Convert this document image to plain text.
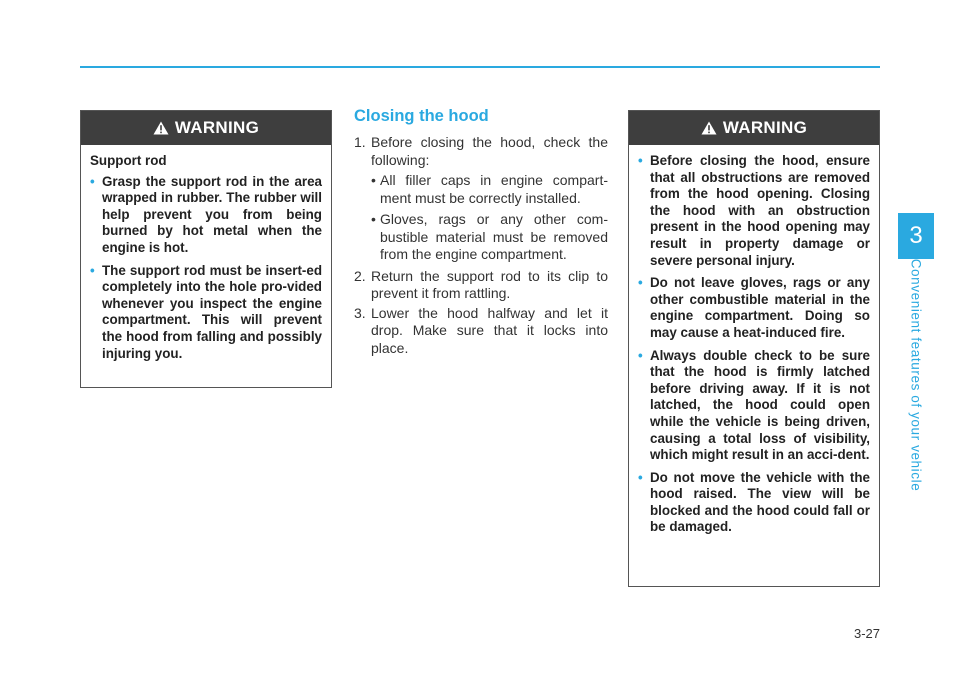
WARNING
Support rod
• Grasp the support rod in the area wrapped in rubber. The rubber will help prevent you from being burned by hot metal when the engine is hot.
• The support rod must be insert-ed completely into the hole pro-vided whenever you inspect the engine compartment. This will prevent the hood from falling and possibly injuring you.
Closing the hood
1. Before closing the hood, check the following:
• All filler caps in engine compart-ment must be correctly installed.
• Gloves, rags or any other com-bustible material must be removed from the engine compartment.
2. Return the support rod to its clip to prevent it from rattling.
3. Lower the hood halfway and let it drop. Make sure that it locks into place.
WARNING
• Before closing the hood, ensure that all obstructions are removed from the hood opening. Closing the hood with an obstruction present in the hood opening may result in property damage or severe personal injury.
• Do not leave gloves, rags or any other combustible material in the engine compartment. Doing so may cause a heat-induced fire.
• Always double check to be sure that the hood is firmly latched before driving away. If it is not latched, the hood could open while the vehicle is being driven, causing a total loss of visibility, which might result in an acci-dent.
• Do not move the vehicle with the hood raised. The view will be blocked and the hood could fall or be damaged.
3
Convenient features of your vehicle
3-27
